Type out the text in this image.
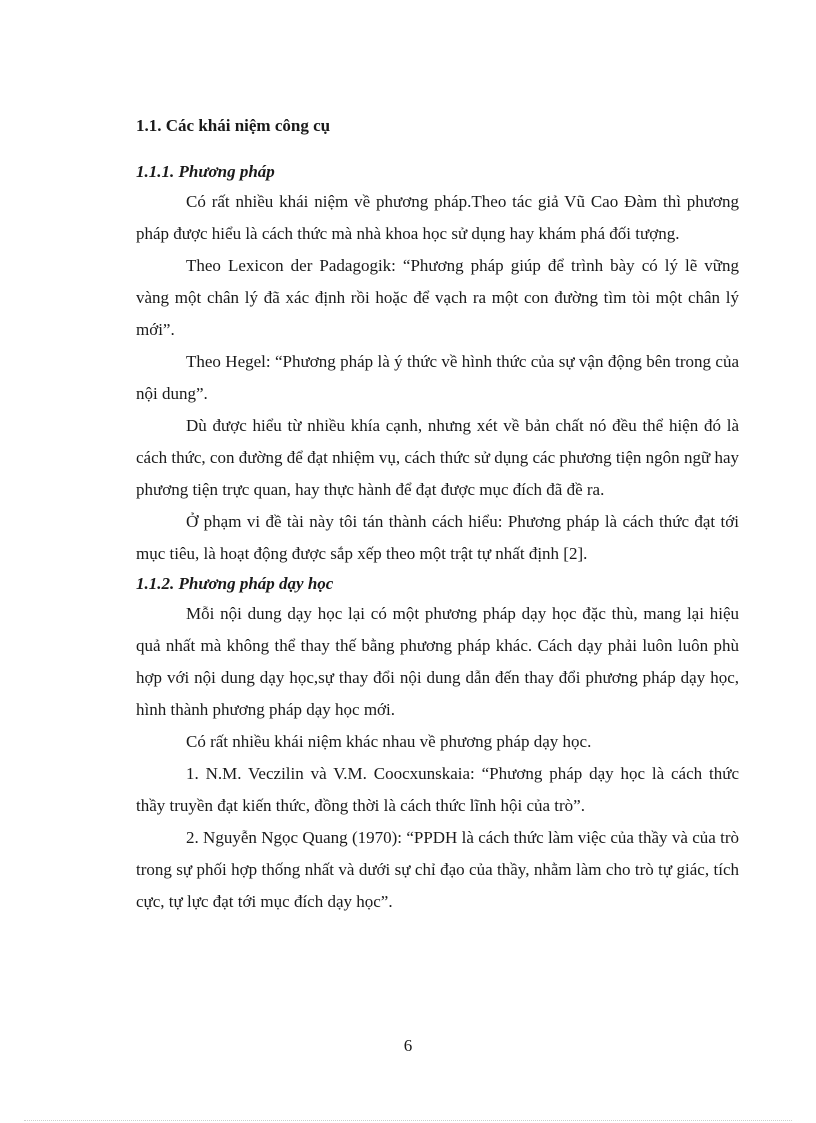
1.1. Các khái niệm công cụ
1.1.1. Phương pháp

Có rất nhiều khái niệm về phương pháp.Theo tác giả Vũ Cao Đàm thì phương pháp được hiểu là cách thức mà nhà khoa học sử dụng hay khám phá đối tượng.

Theo Lexicon der Padagogik: “Phương pháp giúp để trình bày có lý lẽ vững vàng một chân lý đã xác định rồi hoặc để vạch ra một con đường tìm tòi một chân lý mới”.

Theo Hegel: “Phương pháp là ý thức về hình thức của sự vận động bên trong của nội dung”.

Dù được hiểu từ nhiều khía cạnh, nhưng xét về bản chất nó đều thể hiện đó là cách thức, con đường để đạt nhiệm vụ, cách thức sử dụng các phương tiện ngôn ngữ hay phương tiện trực quan, hay thực hành để đạt được mục đích đã đề ra.

Ở phạm vi đề tài này tôi tán thành cách hiểu: Phương pháp là cách thức đạt tới mục tiêu, là hoạt động được sắp xếp theo một trật tự nhất định [2].

1.1.2. Phương pháp dạy học

Mỗi nội dung dạy học lại có một phương pháp dạy học đặc thù, mang lại hiệu quả nhất mà không thể thay thế bằng phương pháp khác. Cách dạy phải luôn luôn phù hợp với nội dung dạy học,sự thay đổi nội dung dẫn đến thay đổi phương pháp dạy học, hình thành phương pháp dạy học mới.

Có rất nhiều khái niệm khác nhau về phương pháp dạy học.

1. N.M. Veczilin và V.M. Coocxunskaia: “Phương pháp dạy học là cách thức thầy truyền đạt kiến thức, đồng thời là cách thức lĩnh hội của trò”.

2. Nguyễn Ngọc Quang (1970): “PPDH là cách thức làm việc của thầy và của trò trong sự phối hợp thống nhất và dưới sự chỉ đạo của thầy, nhằm làm cho trò tự giác, tích cực, tự lực đạt tới mục đích dạy học”.

6
